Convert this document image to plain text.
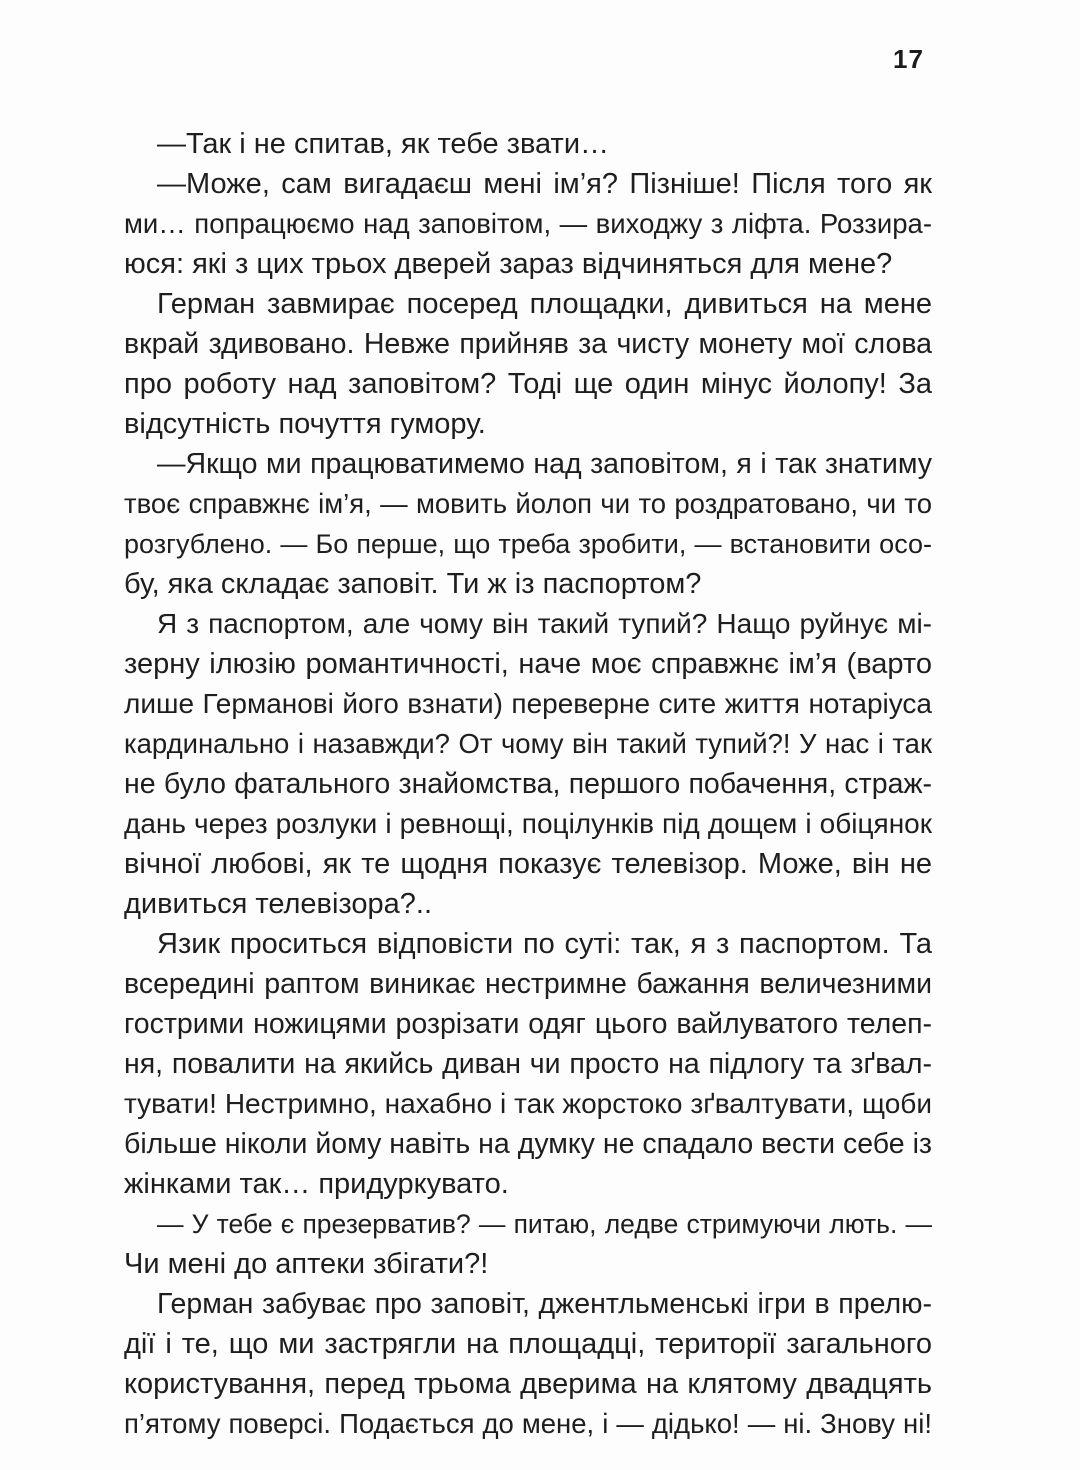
17
—Так і не спитав, як тебе звати…
—Може, сам вигадаєш мені ім’я? Пізніше! Після того як
ми… попрацюємо над заповітом, — виходжу з ліфта. Роззира-
юся: які з цих трьох дверей зараз відчиняться для мене?
Герман завмирає посеред площадки, дивиться на мене
вкрай здивовано. Невже прийняв за чисту монету мої слова
про роботу над заповітом? Тоді ще один мінус йолопу! За
відсутність почуття гумору.
—Якщо ми працюватимемо над заповітом, я і так знатиму
твоє справжнє ім’я, — мовить йолоп чи то роздратовано, чи то
розгублено. — Бо перше, що треба зробити, — встановити осо-
бу, яка складає заповіт. Ти ж із паспортом?
Я з паспортом, але чому він такий тупий? Нащо руйнує мі-
зерну ілюзію романтичності, наче моє справжнє ім’я (варто
лише Германові його взнати) переверне сите життя нотаріуса
кардинально і назавжди? От чому він такий тупий?! У нас і так
не було фатального знайомства, першого побачення, страж-
дань через розлуки і ревнощі, поцілунків під дощем і обіцянок
вічної любові, як те щодня показує телевізор. Може, він не
дивиться телевізора?..
Язик проситься відповісти по суті: так, я з паспортом. Та
всередині раптом виникає нестримне бажання величезними
гострими ножицями розрізати одяг цього вайлуватого телеп-
ня, повалити на якийсь диван чи просто на підлогу та зґвал-
тувати! Нестримно, нахабно і так жорстоко зґвалтувати, щоби
більше ніколи йому навіть на думку не спадало вести себе із
жінками так… придуркувато.
— У тебе є презерватив? — питаю, ледве стримуючи лють. —
Чи мені до аптеки збігати?!
Герман забуває про заповіт, джентльменські ігри в прелю-
дії і те, що ми застрягли на площадці, території загального
користування, перед трьома дверима на клятому двадцять
п’ятому поверсі. Подається до мене, і — дідько! — ні. Знову ні!
